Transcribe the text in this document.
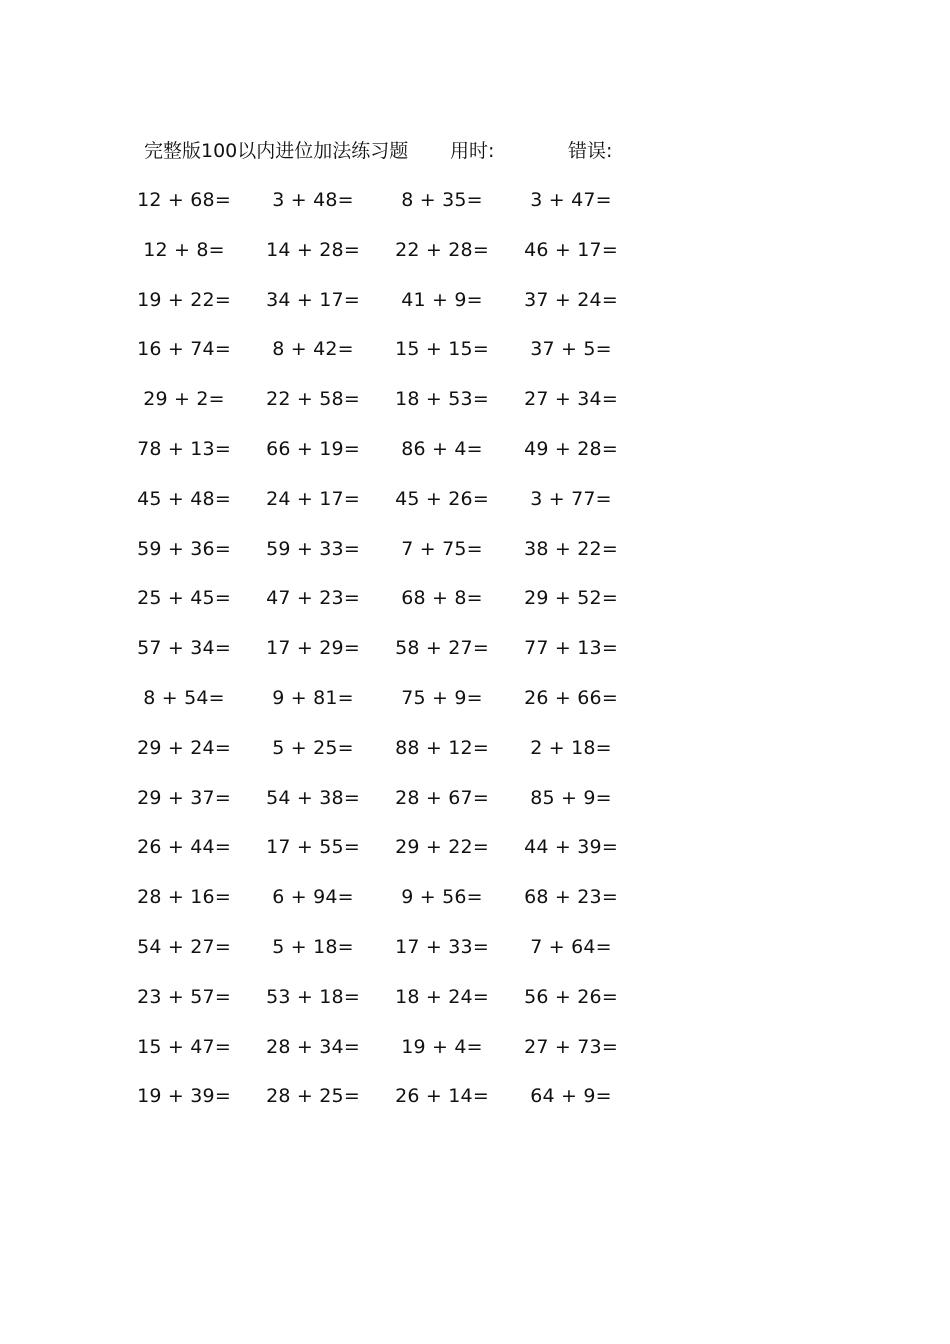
完整版100以内进位加法练习题 用时:	错误:
12 + 68=	3 + 48=	8 + 35=	3 + 47=
12 + 8=	14 + 28=	22 + 28=	46 + 17=
19 + 22=	34 + 17=	41 + 9=	37 + 24=
16 + 74=	8 + 42=	15 + 15=	37 + 5=
29 + 2=	22 + 58=	18 + 53=	27 + 34=
78 + 13=	66 + 19=	86 + 4=	49 + 28=
45 + 48=	24 + 17=	45 + 26=	3 + 77=
59 + 36=	59 + 33=	7 + 75=	38 + 22=
25 + 45=	47 + 23=	68 + 8=	29 + 52=
57 + 34=	17 + 29=	58 + 27=	77 + 13=
8 + 54=	9 + 81=	75 + 9=	26 + 66=
29 + 24=	5 + 25=	88 + 12=	2 + 18=
29 + 37=	54 + 38=	28 + 67=	85 + 9=
26 + 44=	17 + 55=	29 + 22=	44 + 39=
28 + 16=	6 + 94=	9 + 56=	68 + 23=
54 + 27=	5 + 18=	17 + 33=	7 + 64=
23 + 57=	53 + 18=	18 + 24=	56 + 26=
15 + 47=	28 + 34=	19 + 4=	27 + 73=
19 + 39=	28 + 25=	26 + 14=	64 + 9=
